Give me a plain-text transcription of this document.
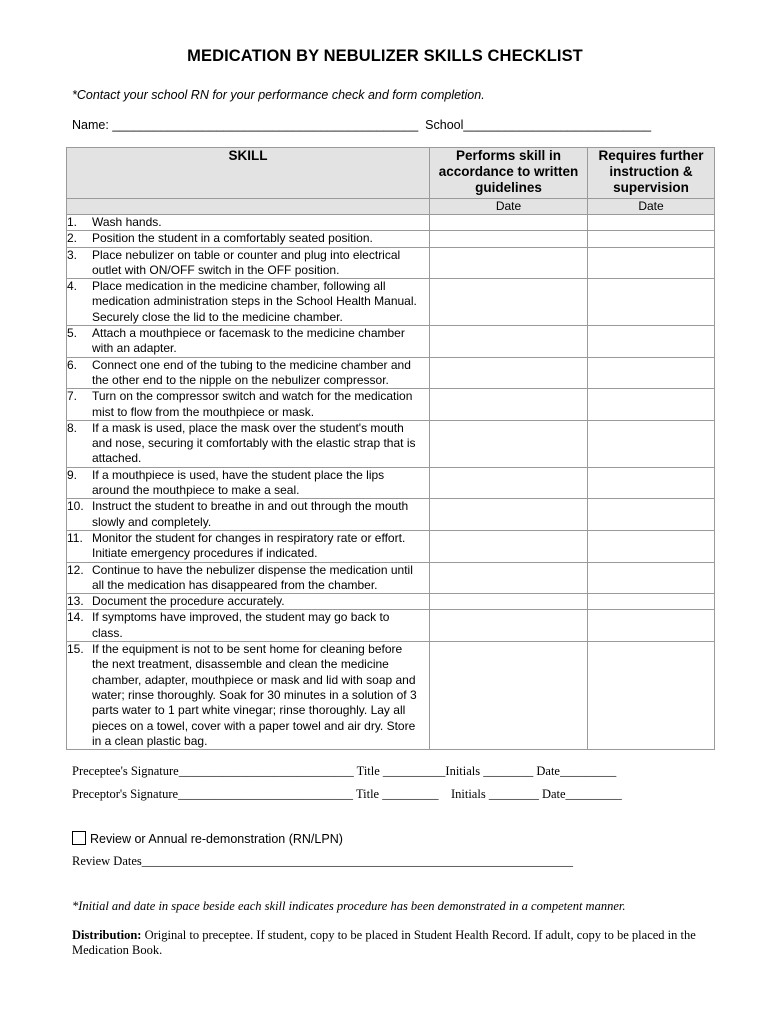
MEDICATION BY NEBULIZER SKILLS CHECKLIST
*Contact your school RN for your performance check and form completion.
Name: ____________________________________________ School___________________________
SKILL	Performs skill in accordance to written guidelines	Requires further instruction & supervision
	Date	Date
1. Wash hands.		
2. Position the student in a comfortably seated position.		
3. Place nebulizer on table or counter and plug into electrical outlet with ON/OFF switch in the OFF position.		
4. Place medication in the medicine chamber, following all medication administration steps in the School Health Manual. Securely close the lid to the medicine chamber.		
5. Attach a mouthpiece or facemask to the medicine chamber with an adapter.		
6. Connect one end of the tubing to the medicine chamber and the other end to the nipple on the nebulizer compressor.		
7. Turn on the compressor switch and watch for the medication mist to flow from the mouthpiece or mask.		
8. If a mask is used, place the mask over the student's mouth and nose, securing it comfortably with the elastic strap that is attached.		
9. If a mouthpiece is used, have the student place the lips around the mouthpiece to make a seal.		
10. Instruct the student to breathe in and out through the mouth slowly and completely.		
11. Monitor the student for changes in respiratory rate or effort. Initiate emergency procedures if indicated.		
12. Continue to have the nebulizer dispense the medication until all the medication has disappeared from the chamber.		
13. Document the procedure accurately.		
14. If symptoms have improved, the student may go back to class.		
15. If the equipment is not to be sent home for cleaning before the next treatment, disassemble and clean the medicine chamber, adapter, mouthpiece or mask and lid with soap and water; rinse thoroughly. Soak for 30 minutes in a solution of 3 parts water to 1 part white vinegar; rinse thoroughly. Lay all pieces on a towel, cover with a paper towel and air dry. Store in a clean plastic bag.		
Preceptee's Signature____________________________ Title __________Initials ________ Date_________
Preceptor's Signature____________________________ Title _________    Initials ________ Date_________
Review or Annual re-demonstration (RN/LPN)
Review Dates_____________________________________________________________________
*Initial and date in space beside each skill indicates procedure has been demonstrated in a competent manner.
Distribution: Original to preceptee. If student, copy to be placed in Student Health Record. If adult, copy to be placed in the Medication Book.
